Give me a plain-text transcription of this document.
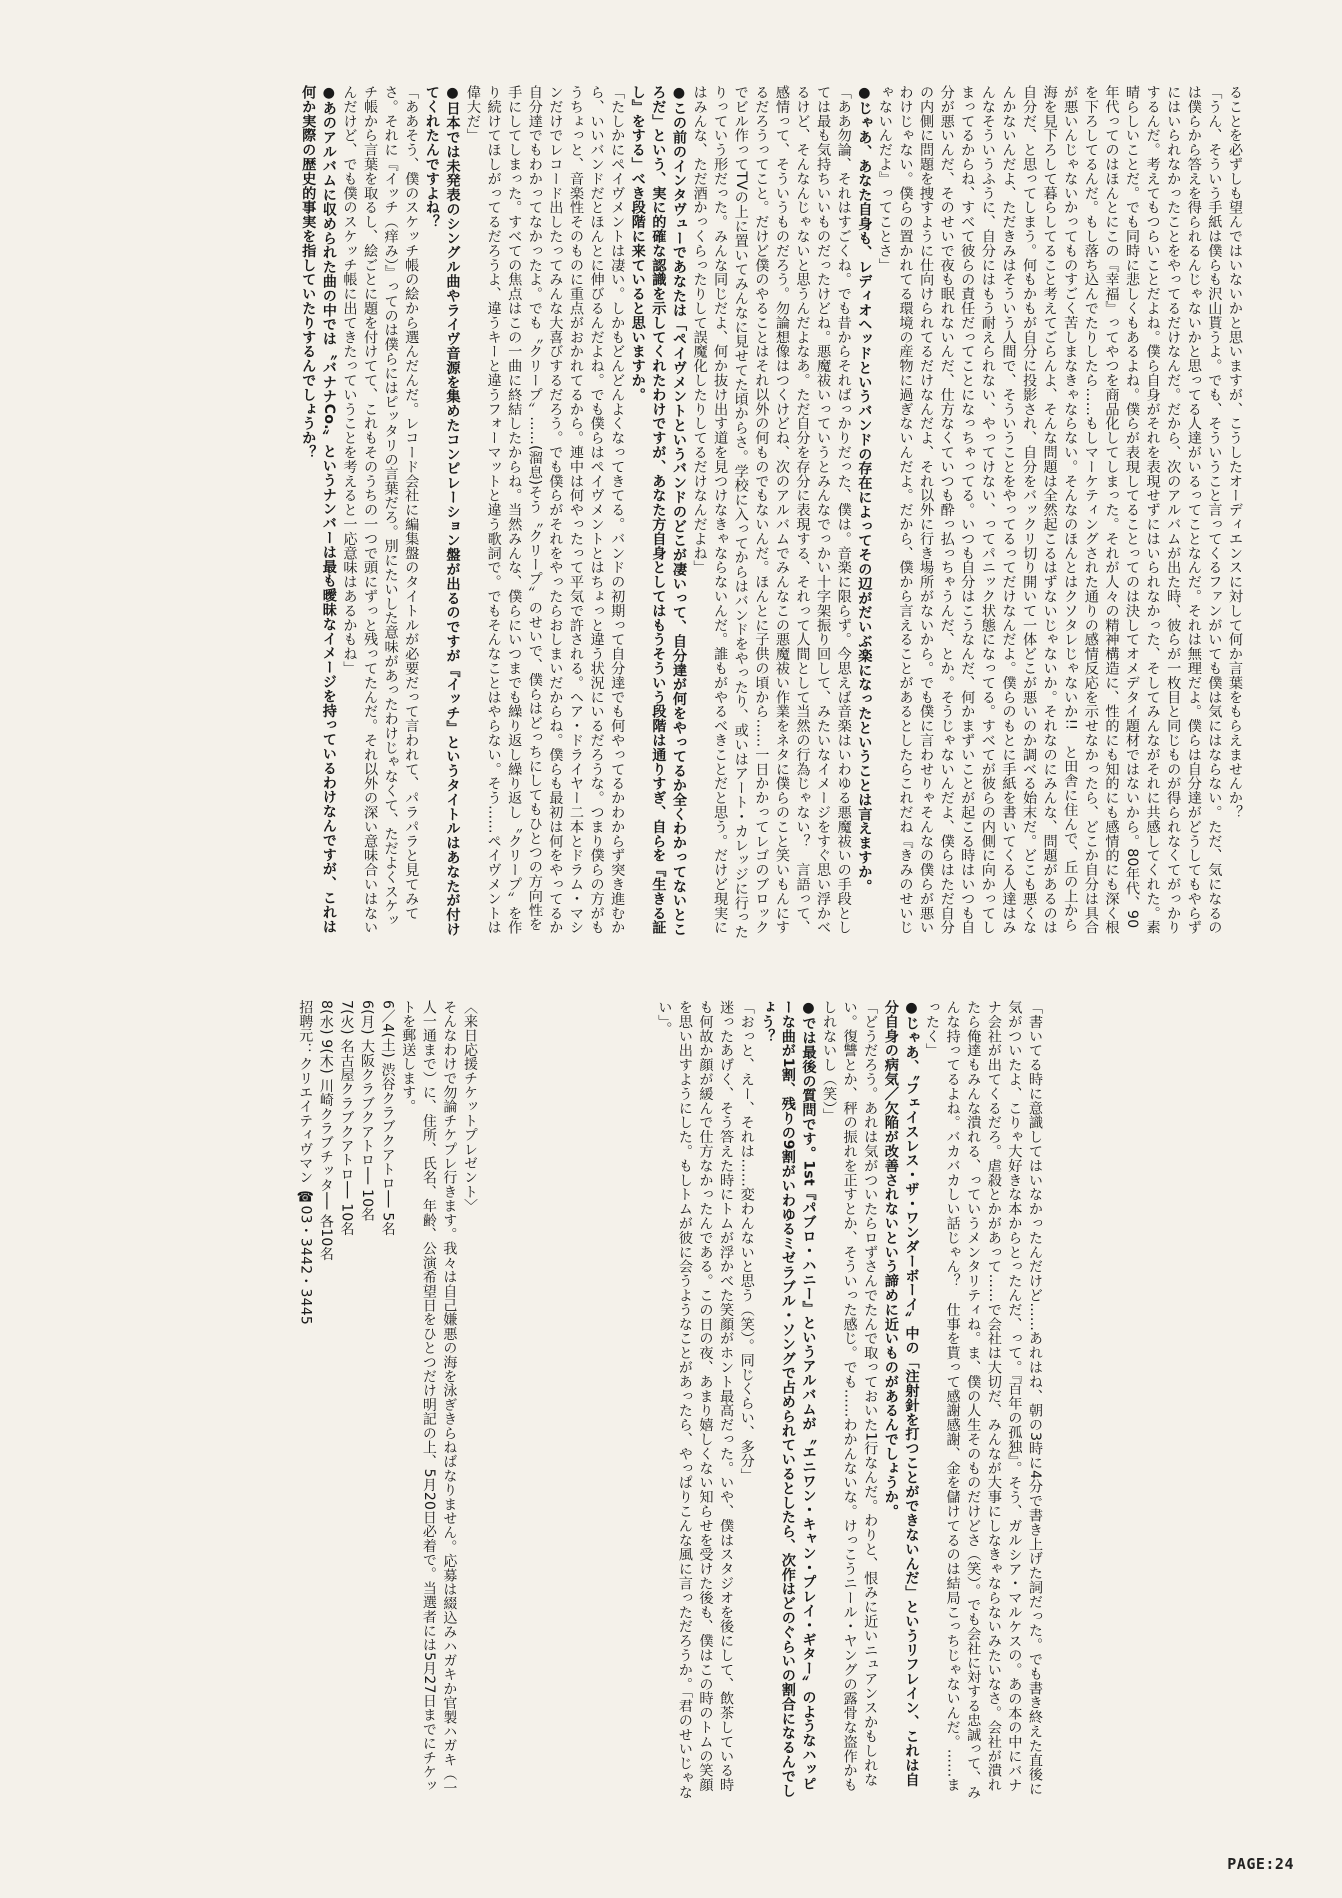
ることを必ずしも望んではいないかと思いますが、こうしたオーディエンスに対して何か言葉をもらえませんか？

「うん、そういう手紙は僕らも沢山貰うよ。でも、そういうこと言ってくるファンがいても僕は気にはならない。ただ、気になるのは僕らから答えを得られるんじゃないかと思ってる人達がいるってことなんだ。それは無理だよ。僕らは自分達がどうしてもやらずにはいられなかったことをやってるだけなんだ。だから、次のアルバムが出た時、彼らが一枚目と同じものが得られなくてがっかりするんだ。考えてもつらいことだよね。僕ら自身がそれを表現せずにはいられなかった、そしてみんながそれに共感してくれた。素晴らしいことだ。でも同時に悲しくもあるよね。僕らが表現してることってのは決してオメデタイ題材ではないから。80年代、90年代ってのはほんとにこの『幸福』ってやつを商品化してしまった。それが人々の精神構造に、性的にも知的にも感情的にも深く根を下ろしてるんだ。もし落ち込んでたりしたら……もしマーケティングされた通りの感情反応を示せなかったら、どこか自分は具合が悪いんじゃないかってものすごく苦しまなきゃならない。そんなのほんとはクソタレじゃないか!!　と田舎に住んで、丘の上から海を見下ろして暮らしてること考えてごらんよ、そんな問題は全然起こるはずないじゃないか。それなのにみんな、問題があるのは自分だ、と思ってしまう。何もかもが自分に投影され、自分をバックリ切り開いて一体どこが悪いのか調べる始末だ。どこも悪くなんかないんだよ、ただきみはそういう人間で、そういうことをやってるってだけなんだよ。僕らのもとに手紙を書いてくる人達はみんなそういうふうに、自分にはもう耐えられない、やってけない、ってパニック状態になってる。すべてが彼らの内側に向かってしまってるからね、すべて彼らの責任だってことになっちゃってる。いつも自分はこうなんだ、何かまずいことが起こる時はいつも自分が悪いんだ、そのせいで夜も眠れないんだ、仕方なくていつも酔っ払っちゃうんだ、とか。そうじゃないんだよ、僕らはただ自分の内側に問題を捜すように仕向けられてるだけなんだよ、それ以外に行き場所がないから。でも僕に言わせりゃそんなの僕らが悪いわけじゃない。僕らの置かれてる環境の産物に過ぎないんだよ。だから、僕から言えることがあるとしたらこれだね『きみのせいじゃないんだよ』ってことさ」

●じゃあ、あなた自身も、レディオヘッドというバンドの存在によってその辺がだいぶ楽になったということは言えますか。

「ああ勿論、それはすごくね。でも昔からそればっかりだった、僕は。音楽に限らず。今思えば音楽はいわゆる悪魔祓いの手段としては最も気持ちいいものだったけどね。悪魔祓いっていうとみんなでっかい十字架振り回して、みたいなイメージをすぐ思い浮かべるけど、そんなんじゃないと思うんだよなあ。ただ自分を存分に表現する、それって人間として当然の行為じゃない？　言語って、感情って、そういうものだろう。勿論想像はつくけどね、次のアルバムでみんなこの悪魔祓い作業をネタに僕らのこと笑いもんにするだろうってこと。だけど僕のやることはそれ以外の何ものでもないんだ。ほんとに子供の頃から……一日かかってレゴのブロックでビル作ってTVの上に置いてみんなに見せてた頃からさ。学校に入ってからはバンドをやったり、或いはアート・カレッジに行ったりっていう形だった。みんな同じだよ、何か抜け出す道を見つけなきゃならないんだ。誰もがやるべきことだと思う。だけど現実にはみんな、ただ酒かっくらったりして誤魔化したりしてるだけなんだよね」

●この前のインタヴューであなたは「ペイヴメントというバンドのどこが凄いって、自分達が何をやってるか全くわかってないところだ」という、実に的確な認識を示してくれたわけですが、あなた方自身としてはもうそういう段階は通りすぎ、自らを『生きる証し』をする」べき段階に来ていると思いますか。

「たしかにペイヴメントは凄い。しかもどんどんよくなってきてる。バンドの初期って自分達でも何やってるかわからず突き進むから、いいバンドだとほんとに伸びるんだよね。でも僕らはペイヴメントとはちょっと違う状況にいるだろうな。つまり僕らの方がもうちょっと、音楽性そのものに重点がおかれてるから。連中は何やったって平気で許される。ヘア・ドライヤー二本とドラム・マシンだけでレコード出したってみんな大喜びするだろう。でも僕らがそれをやったらおしまいだからね。僕らも最初は何をやってるか自分達でもわかってなかったよ。でも〝クリープ〟……(溜息)そう〝クリープ〟のせいで、僕らはどっちにしてもひとつの方向性を手にしてしまった。すべての焦点はこの一曲に終結したからね。当然みんな、僕らにいつまでも繰り返し繰り返し〝クリープ〟を作り続けてほしがってるだろうよ、違うキーと違うフォーマットと違う歌詞で。でもそんなことはやらない。そう……ペイヴメントは偉大だ」

●日本では未発表のシングル曲やライヴ音源を集めたコンピレーション盤が出るのですが『イッチ』というタイトルはあなたが付けてくれたんですよね？

「ああそう、僕のスケッチ帳の絵から選んだんだ。レコード会社に編集盤のタイトルが必要だって言われて、パラパラと見てみてさ。それに『イッチ（痒み）』ってのは僕らにはピッタリの言葉だろ。別にたいした意味があったわけじゃなくて、ただよくスケッチ帳から言葉を取るし、絵ごとに題を付けてて、これもそのうちの一つで頭にずっと残ってたんだ。それ以外の深い意味合いはないんだけど、でも僕のスケッチ帳に出てきたっていうことを考えると一応意味はあるかもね」

●あのアルバムに収められた曲の中では〝バナナCo.〟というナンバーは最も曖昧なイメージを持っているわけなんですが、これは何か実際の歴史的事実を指していたりするんでしょうか？

「書いてる時に意識してはいなかったんだけど……あれはね、朝の3時に4分で書き上げた詞だった。でも書き終えた直後に気がついたよ、こりゃ大好きな本からとったんだ、って。『百年の孤独』。そう、ガルシア・マルケスの。あの本の中にバナナ会社が出てくるだろ。虐殺とかがあって……で会社は大切だ、みんなが大事にしなきゃならないみたいなさ。会社が潰れたら俺達もみんな潰れる、っていうメンタリティね。ま、僕の人生そのものだけどさ（笑）。でも会社に対する忠誠って、みんな持ってるよね。バカバカしい話じゃん？　仕事を貰って感謝感謝、金を儲けてるのは結局こっちじゃないんだ。……まったく」

●じゃあ、〝フェイスレス・ザ・ワンダーボーイ〟中の「注射針を打つことができないんだ」というリフレイン、これは自分自身の病気／欠陥が改善されないという諦めに近いものがあるんでしょうか。

「どうだろう。あれは気がついたらロずさんでたんで取っておいた1行なんだ。わりと、恨みに近いニュアンスかもしれない。復讐とか、秤の振れを正すとか、そういった感じ。でも……わかんないな。けっこうニール・ヤングの露骨な盗作かもしれないし（笑）」

●では最後の質問です。1st『パブロ・ハニー』というアルバムが〝エニワン・キャン・プレイ・ギター〟のようなハッピーな曲が1割、残りの9割がいわゆるミゼラブル・ソングで占められているとしたら、次作はどのぐらいの割合になるんでしょう？

「おっと、えー、それは……変わんないと思う（笑）。同じくらい、多分」

迷ったあげく、そう答えた時にトムが浮かべた笑顔がホント最高だった。いや、僕はスタジオを後にして、飲茶している時も何故か顔が緩んで仕方なかったんである。この日の夜、あまり嬉しくない知らせを受けた後も、僕はこの時のトムの笑顔を思い出すようにした。もしトムが彼に会うようなことがあったら、やっぱりこんな風に言っただろうか。「君のせいじゃない」。

〈来日応援チケットプレゼント〉

そんなわけで勿論チケプレ行きます。我々は自己嫌悪の海を泳ぎきらねばなりません。応募は綴込みハガキか官製ハガキ（一人一通まで）に、住所、氏名、年齢、公演希望日をひとつだけ明記の上、5月20日必着で。当選者には5月27日までにチケットを郵送します。

6／4(土) 渋谷クラブクアトロ── 5名

6(月) 大阪クラブクアトロ── 10名

7(火) 名古屋クラブクアトロ── 10名

8(水) 9(木) 川崎クラブチッタ── 各10名

招聘元：クリエイティヴマン ☎03・3442・3445

PAGE:24
